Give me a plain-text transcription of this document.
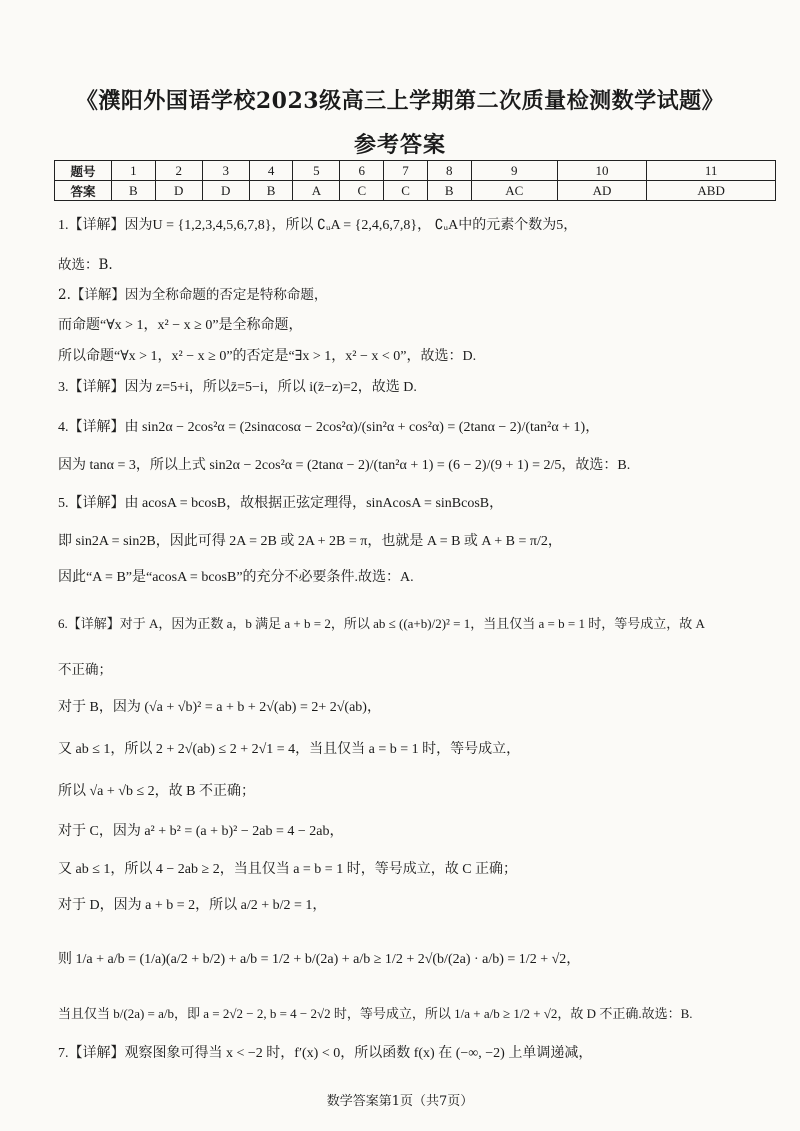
《濮阳外国语学校2023级高三上学期第二次质量检测数学试题》
参考答案
题号	1	2	3	4	5	6	7	8	9	10	11
答案	B	D	D	B	A	C	C	B	AC	AD	ABD
1.【详解】因为U = {1,2,3,4,5,6,7,8}，所以 ∁ᵤA = {2,4,6,7,8}， ∁ᵤA中的元素个数为5，
故选：B.
2.【详解】因为全称命题的否定是特称命题，
而命题“∀x > 1，x² − x ≥ 0”是全称命题，
所以命题“∀x > 1，x² − x ≥ 0”的否定是“∃x > 1，x² − x < 0”，故选：D.
3.【详解】因为 z=5+i，所以z̄=5−i，所以 i(z̄−z)=2，故选 D.
4.【详解】由 sin2α − 2cos²α = (2sinαcosα − 2cos²α)/(sin²α + cos²α) = (2tanα − 2)/(tan²α + 1)，
因为 tanα = 3，所以上式 sin2α − 2cos²α = (2tanα − 2)/(tan²α + 1) = (6 − 2)/(9 + 1) = 2/5，故选：B.
5.【详解】由 acosA = bcosB，故根据正弦定理得，sinAcosA = sinBcosB，
即 sin2A = sin2B，因此可得 2A = 2B 或 2A + 2B = π，也就是 A = B 或 A + B = π/2，
因此“A = B”是“acosA = bcosB”的充分不必要条件.故选：A.
6.【详解】对于 A，因为正数 a，b 满足 a + b = 2，所以 ab ≤ ((a+b)/2)² = 1，当且仅当 a = b = 1 时，等号成立，故 A
不正确；
对于 B，因为 (√a + √b)² = a + b + 2√(ab) = 2+ 2√(ab)，
又 ab ≤ 1，所以 2 + 2√(ab) ≤ 2 + 2√1 = 4，当且仅当 a = b = 1 时，等号成立，
所以 √a + √b ≤ 2，故 B 不正确；
对于 C，因为 a² + b² = (a + b)² − 2ab = 4 − 2ab，
又 ab ≤ 1，所以 4 − 2ab ≥ 2，当且仅当 a = b = 1 时，等号成立，故 C 正确；
对于 D，因为 a + b = 2，所以 a/2 + b/2 = 1，
则 1/a + a/b = (1/a)(a/2 + b/2) + a/b = 1/2 + b/(2a) + a/b ≥ 1/2 + 2√(b/(2a) · a/b) = 1/2 + √2，
当且仅当 b/(2a) = a/b，即 a = 2√2 − 2, b = 4 − 2√2 时，等号成立，所以 1/a + a/b ≥ 1/2 + √2，故 D 不正确.故选：B.
7.【详解】观察图象可得当 x < −2 时，f′(x) < 0，所以函数 f(x) 在 (−∞, −2) 上单调递减，
数学答案第1页（共7页）
